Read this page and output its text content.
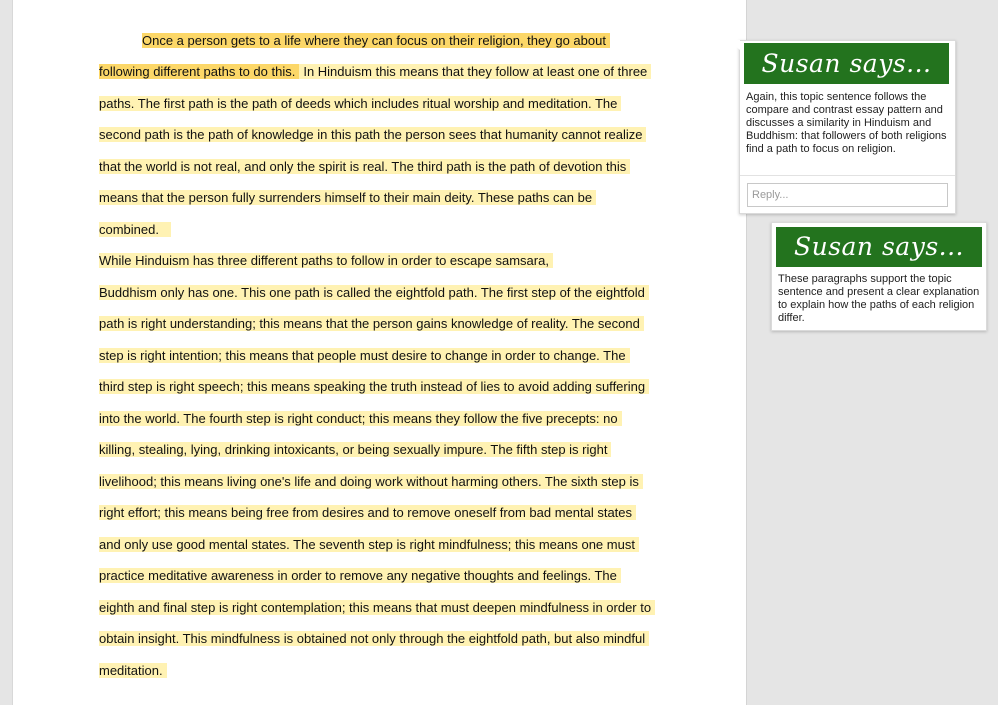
Once a person gets to a life where they can focus on their religion, they go about
following different paths to do this. In Hinduism this means that they follow at least one of three
paths. The first path is the path of deeds which includes ritual worship and meditation. The
second path is the path of knowledge in this path the person sees that humanity cannot realize
that the world is not real, and only the spirit is real. The third path is the path of devotion this
means that the person fully surrenders himself to their main deity. These paths can be
combined.
While Hinduism has three different paths to follow in order to escape samsara,
Buddhism only has one. This one path is called the eightfold path. The first step of the eightfold
path is right understanding; this means that the person gains knowledge of reality. The second
step is right intention; this means that people must desire to change in order to change. The
third step is right speech; this means speaking the truth instead of lies to avoid adding suffering
into the world. The fourth step is right conduct; this means they follow the five precepts: no
killing, stealing, lying, drinking intoxicants, or being sexually impure. The fifth step is right
livelihood; this means living one's life and doing work without harming others. The sixth step is
right effort; this means being free from desires and to remove oneself from bad mental states
and only use good mental states. The seventh step is right mindfulness; this means one must
practice meditative awareness in order to remove any negative thoughts and feelings. The
eighth and final step is right contemplation; this means that must deepen mindfulness in order to
obtain insight. This mindfulness is obtained not only through the eightfold path, but also mindful
meditation.
Susan says...
Again, this topic sentence follows the compare and contrast essay pattern and discusses a similarity in Hinduism and Buddhism: that followers of both religions find a path to focus on religion.
Reply...
Susan says...
These paragraphs support the topic sentence and present a clear explanation to explain how the paths of each religion differ.
